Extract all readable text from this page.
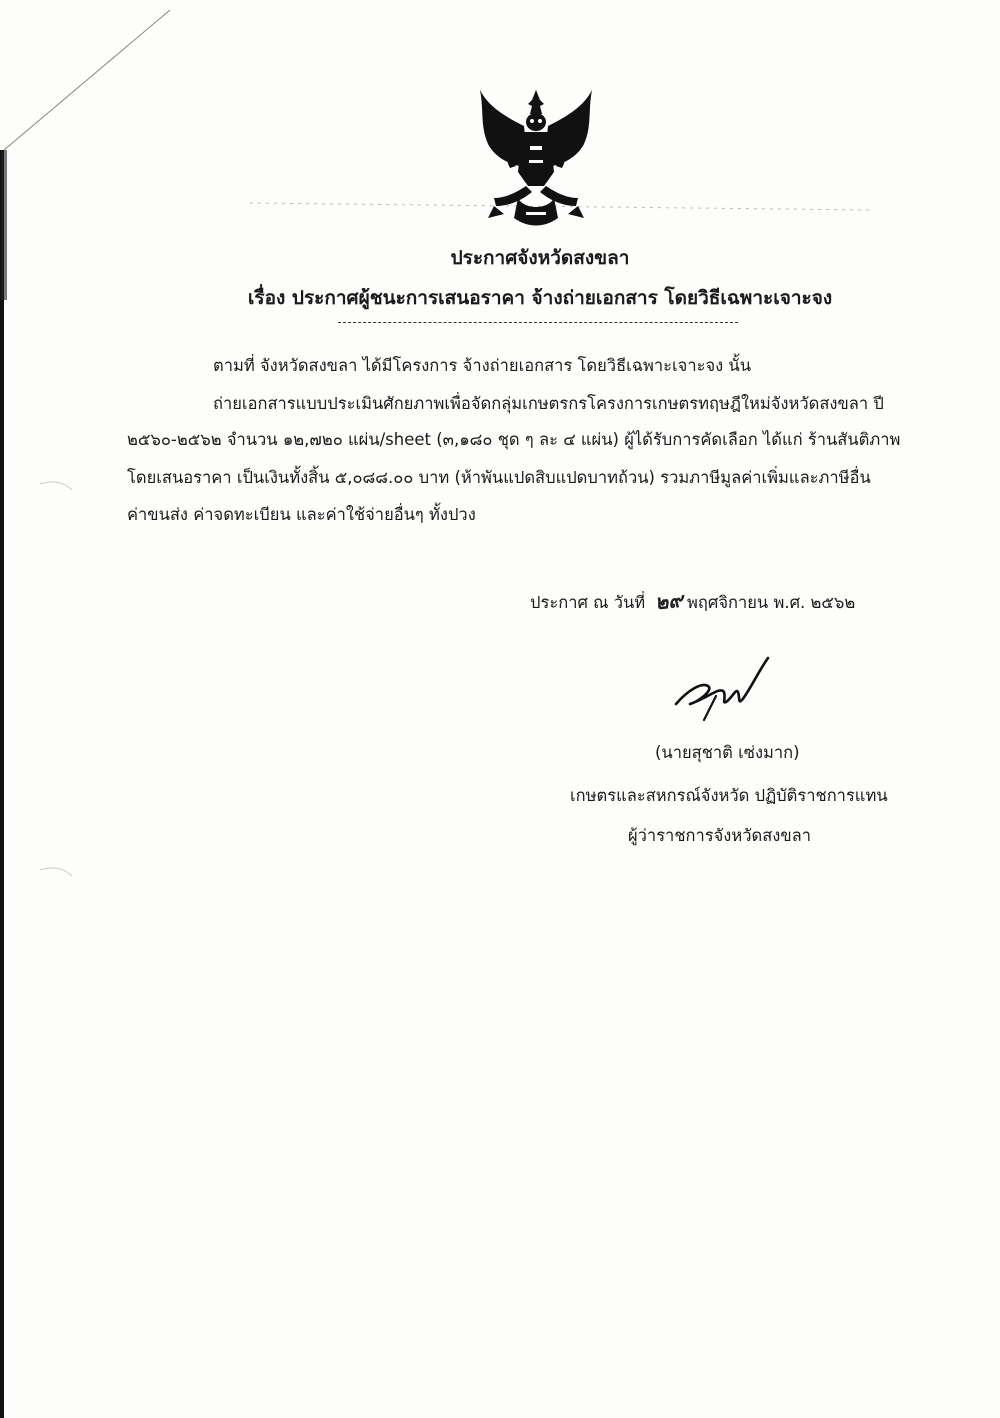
ประกาศจังหวัดสงขลา
เรื่อง ประกาศผู้ชนะการเสนอราคา จ้างถ่ายเอกสาร โดยวิธีเฉพาะเจาะจง
ตามที่ จังหวัดสงขลา ได้มีโครงการ จ้างถ่ายเอกสาร โดยวิธีเฉพาะเจาะจง นั้น
ถ่ายเอกสารแบบประเมินศักยภาพเพื่อจัดกลุ่มเกษตรกรโครงการเกษตรทฤษฎีใหม่จังหวัดสงขลา ปี
๒๕๖๐-๒๕๖๒ จำนวน ๑๒,๗๒๐ แผ่น/sheet (๓,๑๘๐ ชุด ๆ ละ ๔ แผ่น) ผู้ได้รับการคัดเลือก ได้แก่ ร้านสันติภาพ
โดยเสนอราคา เป็นเงินทั้งสิ้น ๕,๐๘๘.๐๐ บาท (ห้าพันแปดสิบแปดบาทถ้วน) รวมภาษีมูลค่าเพิ่มและภาษีอื่น
ค่าขนส่ง ค่าจดทะเบียน และค่าใช้จ่ายอื่นๆ ทั้งปวง
ประกาศ ณ วันที่ ๒๙ พฤศจิกายน พ.ศ. ๒๕๖๒
(นายสุชาติ เซ่งมาก)
เกษตรและสหกรณ์จังหวัด ปฏิบัติราชการแทน
ผู้ว่าราชการจังหวัดสงขลา
